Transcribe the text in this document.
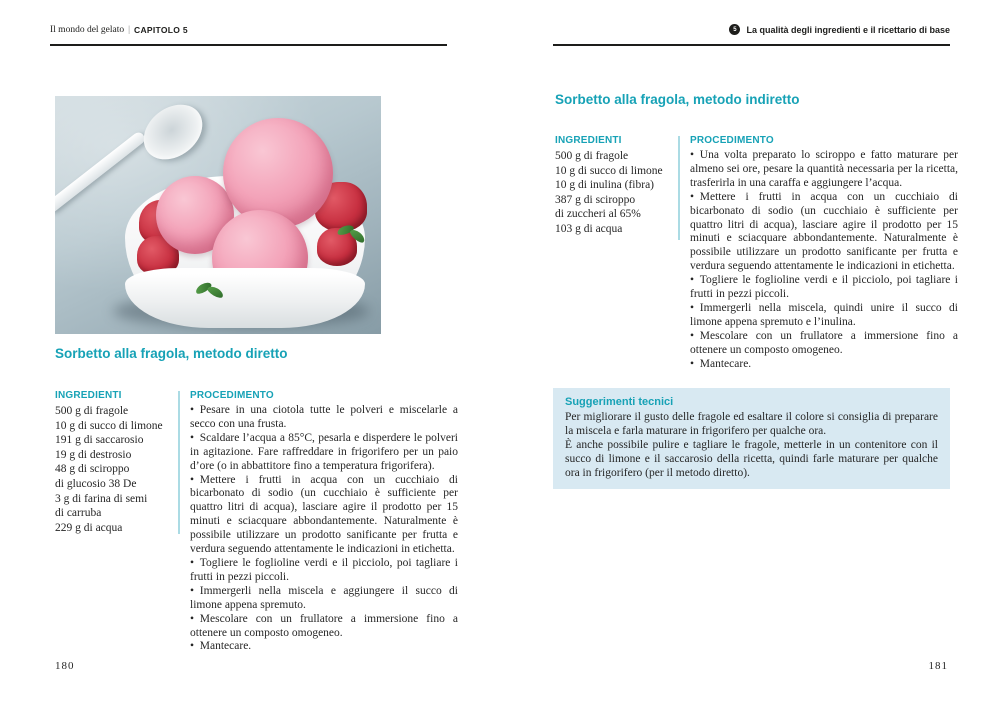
Il mondo del gelato | CAPITOLO 5	5	La qualità degli ingredienti e il ricettario di base
Sorbetto alla fragola, metodo diretto
INGREDIENTI
500 g di fragole
10 g di succo di limone
191 g di saccarosio
19 g di destrosio
48 g di sciroppo
di glucosio 38 De
3 g di farina di semi
di carruba
229 g di acqua
PROCEDIMENTO
• Pesare in una ciotola tutte le polveri e miscelarle a secco con una frusta.
• Scaldare l’acqua a 85°C, pesarla e disperdere le polveri in agitazione. Fare raffreddare in frigorifero per un paio d’ore (o in abbattitore fino a temperatura frigorifera).
• Mettere i frutti in acqua con un cucchiaio di bicarbonato di sodio (un cucchiaio è sufficiente per quattro litri di acqua), lasciare agire il prodotto per 15 minuti e sciacquare abbondantemente. Naturalmente è possibile utilizzare un prodotto sanificante per frutta e verdura seguendo attentamente le indicazioni in etichetta.
• Togliere le foglioline verdi e il picciolo, poi tagliare i frutti in pezzi piccoli.
• Immergerli nella miscela e aggiungere il succo di limone appena spremuto.
• Mescolare con un frullatore a immersione fino a ottenere un composto omogeneo.
• Mantecare.
180
Sorbetto alla fragola, metodo indiretto
INGREDIENTI
500 g di fragole
10 g di succo di limone
10 g di inulina (fibra)
387 g di sciroppo
di zuccheri al 65%
103 g di acqua
PROCEDIMENTO
• Una volta preparato lo sciroppo e fatto maturare per almeno sei ore, pesare la quantità necessaria per la ricetta, trasferirla in una caraffa e aggiungere l’acqua.
• Mettere i frutti in acqua con un cucchiaio di bicarbonato di sodio (un cucchiaio è sufficiente per quattro litri di acqua), lasciare agire il prodotto per 15 minuti e sciacquare abbondantemente. Naturalmente è possibile utilizzare un prodotto sanificante per frutta e verdura seguendo attentamente le indicazioni in etichetta.
• Togliere le foglioline verdi e il picciolo, poi tagliare i frutti in pezzi piccoli.
• Immergerli nella miscela, quindi unire il succo di limone appena spremuto e l’inulina.
• Mescolare con un frullatore a immersione fino a ottenere un composto omogeneo.
• Mantecare.
Suggerimenti tecnici

Per migliorare il gusto delle fragole ed esaltare il colore si consiglia di preparare la miscela e farla maturare in frigorifero per qualche ora.

È anche possibile pulire e tagliare le fragole, metterle in un contenitore con il succo di limone e il saccarosio della ricetta, quindi farle maturare per qualche ora in frigorifero (per il metodo diretto).

181
